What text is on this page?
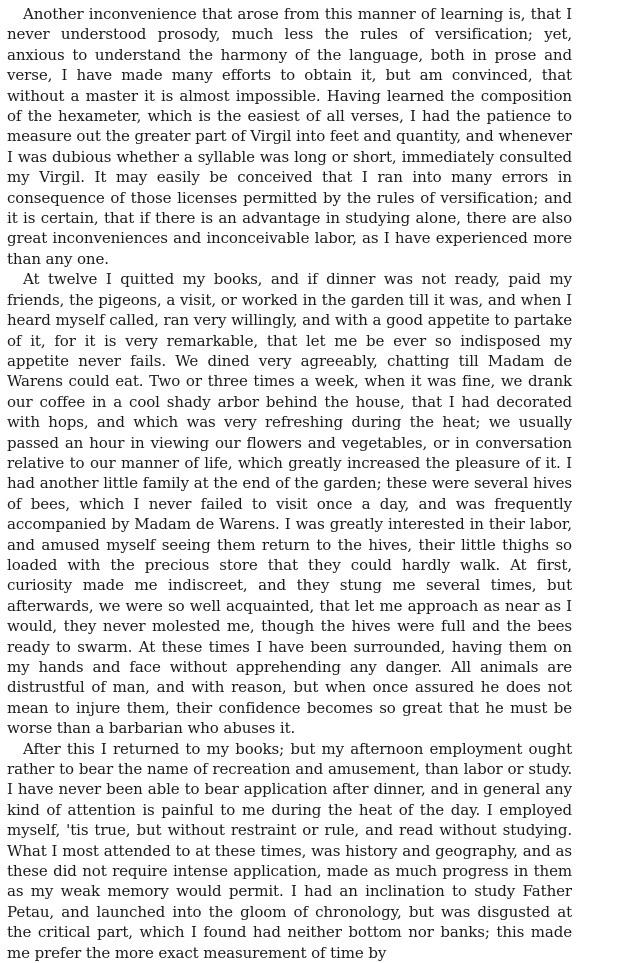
Another inconvenience that arose from this manner of learning is, that I never understood prosody, much less the rules of versification; yet, anxious to understand the harmony of the language, both in prose and verse, I have made many efforts to obtain it, but am convinced, that without a master it is almost impossible. Having learned the composition of the hexameter, which is the easiest of all verses, I had the patience to measure out the greater part of Virgil into feet and quantity, and whenever I was dubious whether a syllable was long or short, immediately consulted my Virgil. It may easily be conceived that I ran into many errors in consequence of those licenses permitted by the rules of versification; and it is certain, that if there is an advantage in studying alone, there are also great inconveniences and inconceivable labor, as I have experienced more than any one.

At twelve I quitted my books, and if dinner was not ready, paid my friends, the pigeons, a visit, or worked in the garden till it was, and when I heard myself called, ran very willingly, and with a good appetite to partake of it, for it is very remarkable, that let me be ever so indisposed my appetite never fails. We dined very agreeably, chatting till Madam de Warens could eat. Two or three times a week, when it was fine, we drank our coffee in a cool shady arbor behind the house, that I had decorated with hops, and which was very refreshing during the heat; we usually passed an hour in viewing our flowers and vegetables, or in conversation relative to our manner of life, which greatly increased the pleasure of it. I had another little family at the end of the garden; these were several hives of bees, which I never failed to visit once a day, and was frequently accompanied by Madam de Warens. I was greatly interested in their labor, and amused myself seeing them return to the hives, their little thighs so loaded with the precious store that they could hardly walk. At first, curiosity made me indiscreet, and they stung me several times, but afterwards, we were so well acquainted, that let me approach as near as I would, they never molested me, though the hives were full and the bees ready to swarm. At these times I have been surrounded, having them on my hands and face without apprehending any danger. All animals are distrustful of man, and with reason, but when once assured he does not mean to injure them, their confidence becomes so great that he must be worse than a barbarian who abuses it.

After this I returned to my books; but my afternoon employment ought rather to bear the name of recreation and amusement, than labor or study. I have never been able to bear application after dinner, and in general any kind of attention is painful to me during the heat of the day. I employed myself, 'tis true, but without restraint or rule, and read without studying. What I most attended to at these times, was history and geography, and as these did not require intense application, made as much progress in them as my weak memory would permit. I had an inclination to study Father Petau, and launched into the gloom of chronology, but was disgusted at the critical part, which I found had neither bottom nor banks; this made me prefer the more exact measurement of time by
